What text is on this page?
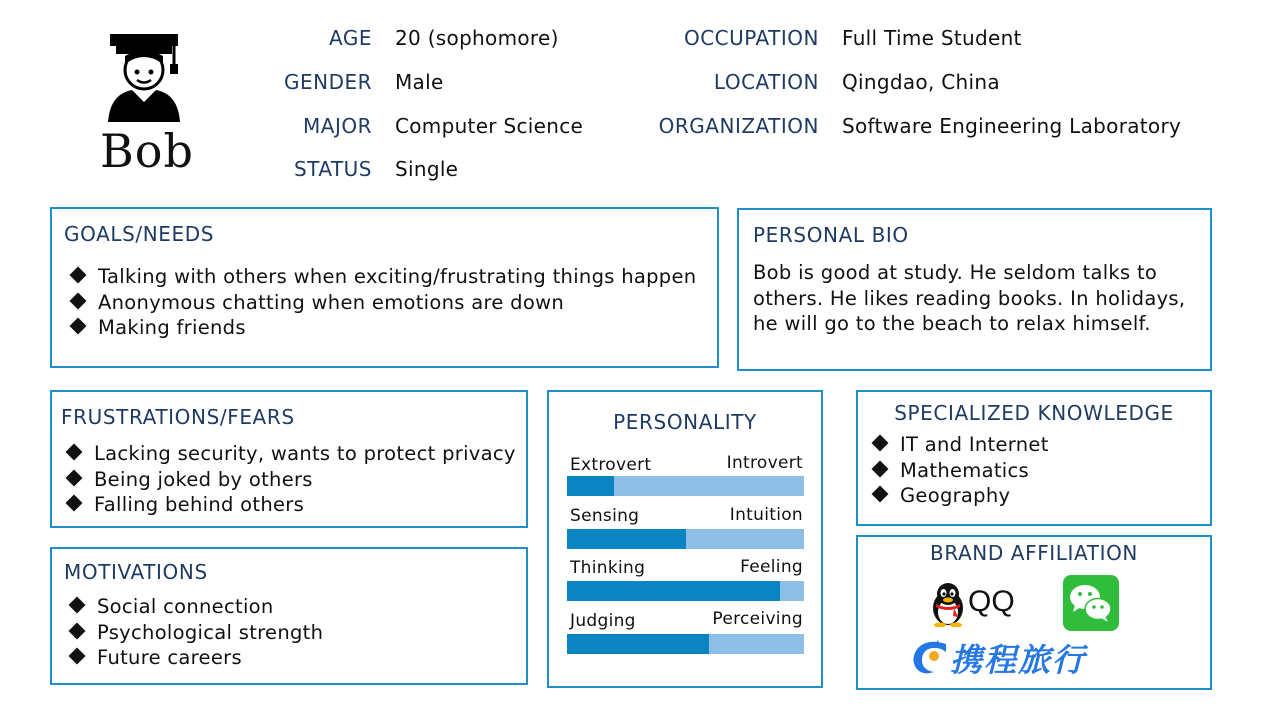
Bob
AGE 20 (sophomore)
GENDER Male
MAJOR Computer Science
STATUS Single
OCCUPATION Full Time Student
LOCATION Qingdao, China
ORGANIZATION Software Engineering Laboratory
GOALS/NEEDS
Talking with others when exciting/frustrating things happen
Anonymous chatting when emotions are down
Making friends
PERSONAL BIO
Bob is good at study. He seldom talks to
others. He likes reading books. In holidays,
he will go to the beach to relax himself.
FRUSTRATIONS/FEARS
Lacking security, wants to protect privacy
Being joked by others
Falling behind others
MOTIVATIONS
Social connection
Psychological strength
Future careers
PERSONALITY
Extrovert	Introvert
Sensing	Intuition
Thinking	Feeling
Judging	Perceiving
SPECIALIZED KNOWLEDGE
IT and Internet
Mathematics
Geography
BRAND AFFILIATION
QQ
携程旅行
